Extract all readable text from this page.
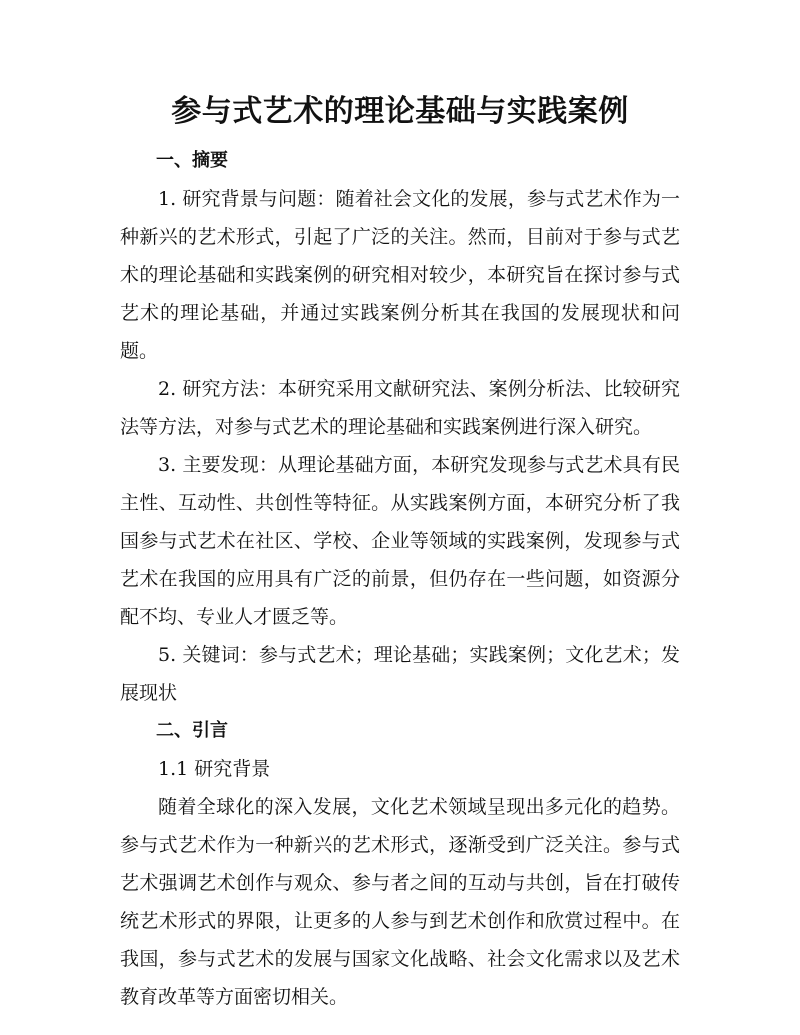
参与式艺术的理论基础与实践案例
一、摘要

1. 研究背景与问题：随着社会文化的发展，参与式艺术作为一种新兴的艺术形式，引起了广泛的关注。然而，目前对于参与式艺术的理论基础和实践案例的研究相对较少，本研究旨在探讨参与式艺术的理论基础，并通过实践案例分析其在我国的发展现状和问题。

2. 研究方法：本研究采用文献研究法、案例分析法、比较研究法等方法，对参与式艺术的理论基础和实践案例进行深入研究。

3. 主要发现：从理论基础方面，本研究发现参与式艺术具有民主性、互动性、共创性等特征。从实践案例方面，本研究分析了我国参与式艺术在社区、学校、企业等领域的实践案例，发现参与式艺术在我国的应用具有广泛的前景，但仍存在一些问题，如资源分配不均、专业人才匮乏等。

5. 关键词：参与式艺术；理论基础；实践案例；文化艺术；发展现状

二、引言

1.1 研究背景

随着全球化的深入发展，文化艺术领域呈现出多元化的趋势。参与式艺术作为一种新兴的艺术形式，逐渐受到广泛关注。参与式艺术强调艺术创作与观众、参与者之间的互动与共创，旨在打破传统艺术形式的界限，让更多的人参与到艺术创作和欣赏过程中。在我国，参与式艺术的发展与国家文化战略、社会文化需求以及艺术教育改革等方面密切相关。
